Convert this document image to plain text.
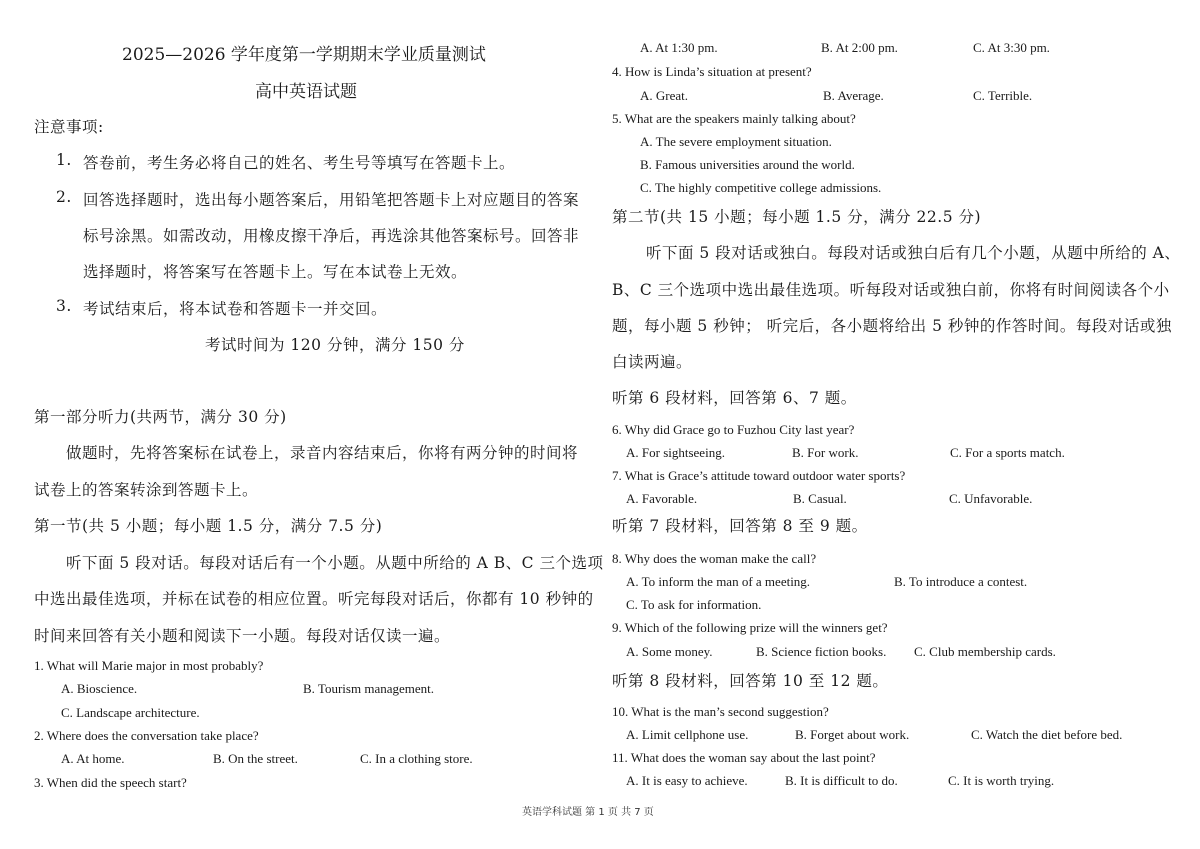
2025—2026 学年度第一学期期末学业质量测试
高中英语试题
注意事项:
1. 答卷前，考生务必将自己的姓名、考生号等填写在答题卡上。
2. 回答选择题时，选出每小题答案后，用铅笔把答题卡上对应题目的答案
标号涂黑。如需改动，用橡皮擦干净后，再选涂其他答案标号。回答非
选择题时，将答案写在答题卡上。写在本试卷上无效。
3. 考试结束后，将本试卷和答题卡一并交回。
考试时间为 120 分钟，满分 150 分
第一部分听力(共两节，满分 30 分)
做题时，先将答案标在试卷上，录音内容结束后，你将有两分钟的时间将
试卷上的答案转涂到答题卡上。
第一节(共 5 小题；每小题 1.5 分，满分 7.5 分)
听下面 5 段对话。每段对话后有一个小题。从题中所给的 A B、C 三个选项
中选出最佳选项，并标在试卷的相应位置。听完每段对话后，你都有 10 秒钟的
时间来回答有关小题和阅读下一小题。每段对话仅读一遍。
1. What will Marie major in most probably?
A. Bioscience.	B. Tourism management.
C. Landscape architecture.
2. Where does the conversation take place?
A. At home.	B. On the street.	C. In a clothing store.
3. When did the speech start?
A. At 1:30 pm.	B. At 2:00 pm.	C. At 3:30 pm.
4. How is Linda’s situation at present?
A. Great.	B. Average.	C. Terrible.
5. What are the speakers mainly talking about?
A. The severe employment situation.
B. Famous universities around the world.
C. The highly competitive college admissions.
第二节(共 15 小题；每小题 1.5 分，满分 22.5 分)
听下面 5 段对话或独白。每段对话或独白后有几个小题，从题中所给的 A、
B、C 三个选项中选出最佳选项。听每段对话或独白前，你将有时间阅读各个小
题，每小题 5 秒钟； 听完后，各小题将给出 5 秒钟的作答时间。每段对话或独
白读两遍。
听第 6 段材料，回答第 6、7 题。
6. Why did Grace go to Fuzhou City last year?
A. For sightseeing.	B. For work.	C. For a sports match.
7. What is Grace’s attitude toward outdoor water sports?
A. Favorable.	B. Casual.	C. Unfavorable.
听第 7 段材料，回答第 8 至 9 题。
8. Why does the woman make the call?
A. To inform the man of a meeting.	B. To introduce a contest.
C. To ask for information.
9. Which of the following prize will the winners get?
A. Some money.	B. Science fiction books. C. Club membership cards.
听第 8 段材料，回答第 10 至 12 题。
10. What is the man’s second suggestion?
A. Limit cellphone use.	B. Forget about work.	C. Watch the diet before bed.
11. What does the woman say about the last point?
A. It is easy to achieve.	B. It is difficult to do.	C. It is worth trying.
英语学科试题 第 1 页 共 7 页
